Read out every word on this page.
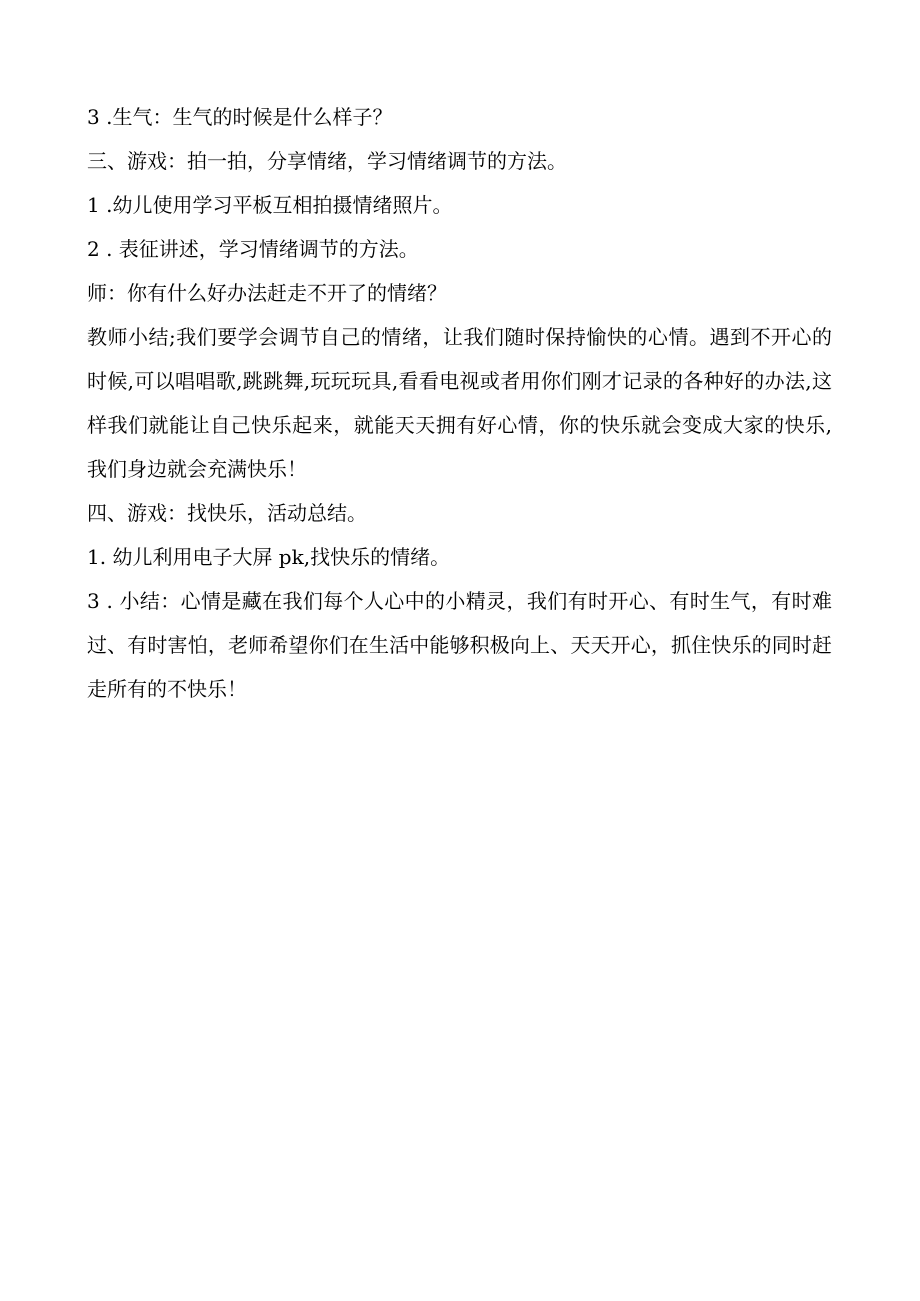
3 .生气：生气的时候是什么样子？

三、游戏：拍一拍，分享情绪，学习情绪调节的方法。

1 .幼儿使用学习平板互相拍摄情绪照片。

2 . 表征讲述，学习情绪调节的方法。

师：你有什么好办法赶走不开了的情绪？

教师小结;我们要学会调节自己的情绪，让我们随时保持愉快的心情。遇到不开心的时候,可以唱唱歌,跳跳舞,玩玩玩具,看看电视或者用你们刚才记录的各种好的办法,这样我们就能让自己快乐起来，就能天天拥有好心情，你的快乐就会变成大家的快乐,我们身边就会充满快乐！

四、游戏：找快乐，活动总结。

1. 幼儿利用电子大屏 pk,找快乐的情绪。

3 . 小结：心情是藏在我们每个人心中的小精灵，我们有时开心、有时生气，有时难过、有时害怕，老师希望你们在生活中能够积极向上、天天开心，抓住快乐的同时赶走所有的不快乐！
